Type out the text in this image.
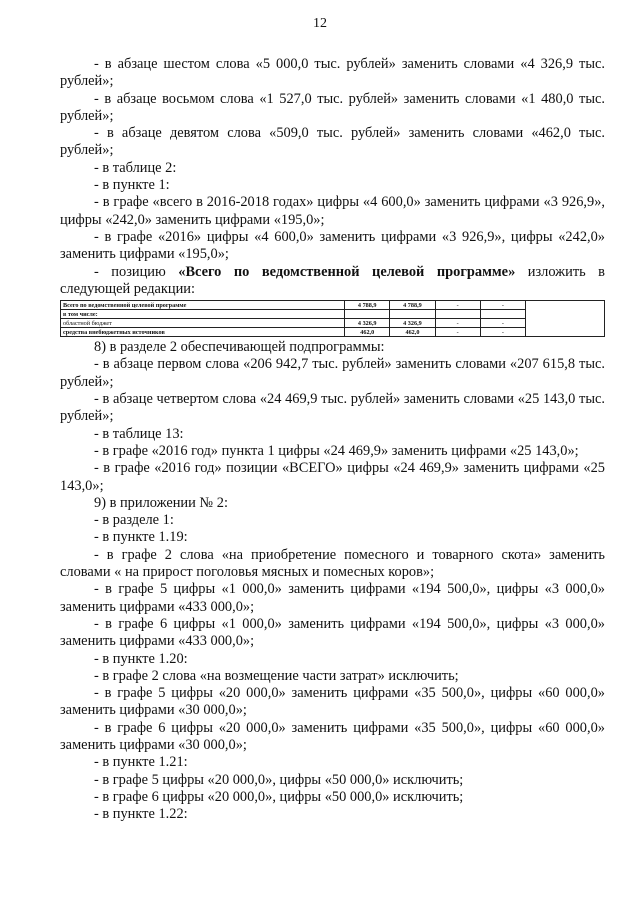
12

- в абзаце шестом слова «5 000,0 тыс. рублей» заменить словами «4 326,9 тыс. рублей»;

- в абзаце восьмом слова «1 527,0 тыс. рублей» заменить словами «1 480,0 тыс. рублей»;

- в абзаце девятом слова «509,0 тыс. рублей» заменить словами «462,0 тыс. рублей»;

- в таблице 2:

- в пункте 1:

- в графе «всего в 2016-2018 годах» цифры «4 600,0» заменить цифрами «3 926,9», цифры «242,0» заменить цифрами «195,0»;

- в графе «2016» цифры «4 600,0» заменить цифрами «3 926,9», цифры «242,0» заменить цифрами «195,0»;

- позицию «Всего по ведомственной целевой программе» изложить в следующей редакции:

Всего по ведомственной целевой программе	4 788,9	4 788,9	-	-	
в том числе:					
областной бюджет	4 326,9	4 326,9	-	-	
средства внебюджетных источников	462,0	462,0	-	-	

8) в разделе 2 обеспечивающей подпрограммы:

- в абзаце первом слова «206 942,7 тыс. рублей» заменить словами «207 615,8 тыс. рублей»;

- в абзаце четвертом слова «24 469,9 тыс. рублей» заменить словами «25 143,0 тыс. рублей»;

- в таблице 13:

- в графе «2016 год» пункта 1 цифры «24 469,9» заменить цифрами «25 143,0»;

- в графе «2016 год» позиции «ВСЕГО» цифры «24 469,9» заменить цифрами «25 143,0»;

9) в приложении № 2:

- в разделе 1:

- в пункте 1.19:

- в графе 2 слова «на приобретение помесного и товарного скота» заменить словами « на прирост поголовья мясных и помесных коров»;

- в графе 5 цифры «1 000,0» заменить цифрами «194 500,0», цифры «3 000,0» заменить цифрами «433 000,0»;

- в графе 6 цифры «1 000,0» заменить цифрами «194 500,0», цифры «3 000,0» заменить цифрами «433 000,0»;

- в пункте 1.20:

- в графе 2 слова «на возмещение части затрат» исключить;

- в графе 5 цифры «20 000,0» заменить цифрами «35 500,0», цифры «60 000,0» заменить цифрами «30 000,0»;

- в графе 6 цифры «20 000,0» заменить цифрами «35 500,0», цифры «60 000,0» заменить цифрами «30 000,0»;

- в пункте 1.21:

- в графе 5 цифры «20 000,0», цифры «50 000,0» исключить;

- в графе 6 цифры «20 000,0», цифры «50 000,0» исключить;

- в пункте 1.22:
